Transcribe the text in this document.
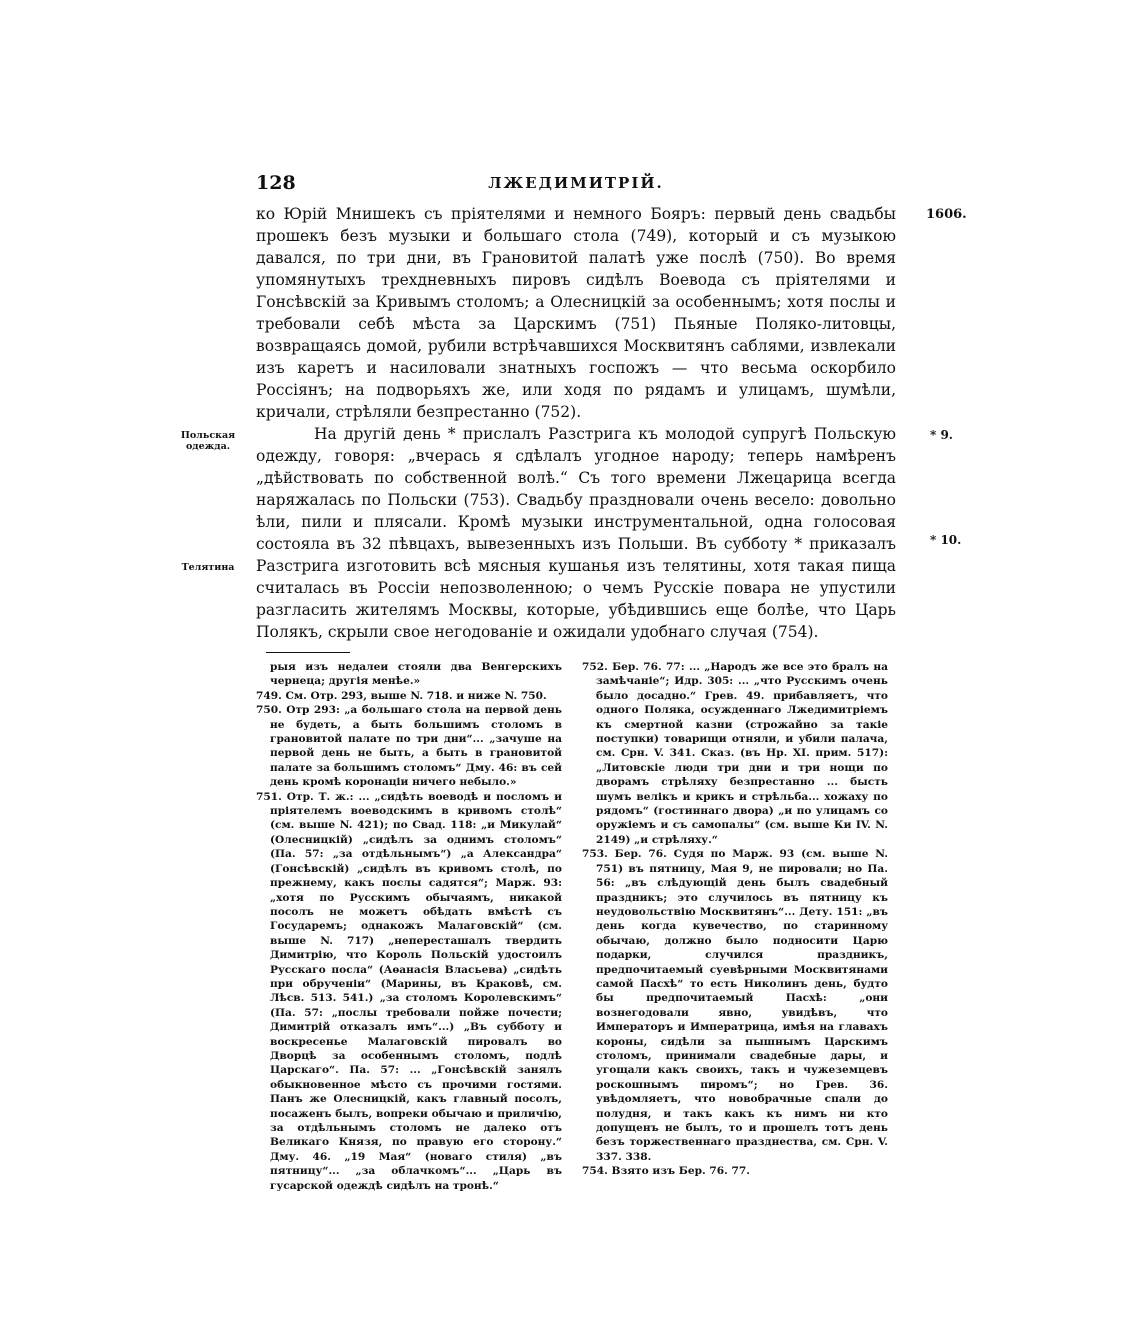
128	ЛЖЕДИМИТРІЙ.
1606.
Польская одежда.
Телятина
* 9.
* 10.

ко Юрій Мнишекъ съ пріятелями и немного Бояръ: первый день свадьбы прошекъ безъ музыки и большаго стола (749), который и съ музыкою давался, по три дни, въ Грановитой палатѣ уже послѣ (750). Во время упомянутыхъ трехдневныхъ пировъ сидѣлъ Воевода съ пріятелями и Гонсѣвскій за Кривымъ столомъ; а Олесницкій за особеннымъ; хотя послы и требовали себѣ мѣста за Царскимъ (751) Пьяные Поляко-литовцы, возвращаясь домой, рубили встрѣчавшихся Москвитянъ саблями, извлекали изъ каретъ и насиловали знатныхъ госпожъ — что весьма оскорбило Россіянъ; на подворьяхъ же, или ходя по рядамъ и улицамъ, шумѣли, кричали, стрѣляли безпрестанно (752).

На другій день * прислалъ Разстрига къ молодой супругѣ Польскую одежду, говоря: „вчерась я сдѣлалъ угодное народу; теперь намѣренъ „дѣйствовать по собственной волѣ.“ Съ того времени Лжецарица всегда наряжалась по Польски (753). Свадьбу праздновали очень весело: довольно ѣли, пили и плясали. Кромѣ музыки инструментальной, одна голосовая состояла въ 32 пѣвцахъ, вывезенныхъ изъ Польши. Въ субботу * приказалъ Разстрига изготовить всѣ мясныя кушанья изъ телятины, хотя такая пища считалась въ Россіи непозволенною; о чемъ Русскіе повара не упустили разгласить жителямъ Москвы, которые, убѣдившись еще болѣе, что Царь Полякъ, скрыли свое негодованіе и ожидали удобнаго случая (754).

рыя изъ недалеи стояли два Венгерскихъ чернеца; другія менѣе.»

749. См. Отр. 293, выше N. 718. и ниже N. 750.

750. Отр 293: „а большаго стола на первой день не будеть, а быть большимъ столомъ в грановитой палате по три дни“... „зачуше на первой день не быть, а быть в грановитой палате за большимъ столомъ“ Дму. 46: въ сей день кромѣ коронаціи ничего небыло.»

751. Отр. Т. ж.: ... „сидѣть воеводѣ и посломъ и пріятелемъ воеводскимъ в кривомъ столѣ“ (см. выше N. 421); по Свад. 118: „и Микулай“ (Олесницкій) „сидѣлъ за однимъ столомъ“ (Па. 57: „за отдѣльнымъ“) „а Александра“ (Гонсѣвскій) „сидѣлъ въ кривомъ столѣ, по прежнему, какъ послы садятся“; Марж. 93: „хотя по Русскимъ обычаямъ, никакой посолъ не можетъ обѣдать вмѣстѣ съ Государемъ; однакожъ Малаговскій“ (см. выше N. 717) „непересташалъ твердить Димитрію, что Король Польскій удостоилъ Русскаго посла“ (Аѳанасія Власьева) „сидѣть при обрученіи“ (Марины, въ Краковѣ, см. Лѣсв. 513. 541.) „за столомъ Королевскимъ“ (Па. 57: „послы требовали пойже почести; Димитрій отказалъ имъ“...) „Въ субботу и воскресенье Малаговскій пировалъ во Дворцѣ за особеннымъ столомъ, подлѣ Царскаго“. Па. 57: ... „Гонсѣвскій занялъ обыкновенное мѣсто съ прочими гостями. Панъ же Олесницкій, какъ главный посолъ, посаженъ былъ, вопреки обычаю и приличію, за отдѣльнымъ столомъ не далеко отъ Великаго Князя, по правую его сторону.“ Дму. 46. „19 Мая“ (новаго стиля) „въ пятницу“... „за облачкомъ“... „Царь въ гусарской одеждѣ сидѣлъ на тронѣ.“

752. Бер. 76. 77: ... „Народъ же все это бралъ на замѣчаніе“; Идр. 305: ... „что Русскимъ очень было досадно.“ Грев. 49. прибавляетъ, что одного Поляка, осужденнаго Лжедимитріемъ къ смертной казни (строжайно за такіе поступки) товарищи отняли, и убили палача, см. Срн. V. 341. Сказ. (въ Нр. XI. прим. 517): „Литовскіе люди три дни и три нощи по дворамъ стрѣляху безпрестанно ... бысть шумъ велікъ и крикъ и стрѣльба... хожаху по рядомъ“ (гостиннаго двора) „и по улицамъ со оружіемъ и съ самопалы“ (см. выше Ки IV. N. 2149) „и стрѣляху.“

753. Бер. 76. Судя по Марж. 93 (см. выше N. 751) въ пятницу, Мая 9, не пировали; но Па. 56: „въ слѣдующій день былъ свадебный праздникъ; это случилось въ пятницу къ неудовольствію Москвитянъ“... Дету. 151: „въ день когда кувечество, по старинному обычаю, должно было подносити Царю подарки, случился праздникъ, предпочитаемый суевѣрными Москвитянами самой Пасхѣ“ то есть Николинъ день, будто бы предпочитаемый Пасхѣ: „они вознегодовали явно, увидѣвъ, что Императоръ и Императрица, имѣя на главахъ короны, сидѣли за пышнымъ Царскимъ столомъ, принимали свадебные дары, и угощали какъ своихъ, такъ и чужеземцевъ роскошнымъ пиромъ“; но Грев. 36. увѣдомляетъ, что новобрачные спали до полудня, и такъ какъ къ нимъ ни кто допущенъ не былъ, то и прошелъ тотъ день безъ торжественнаго празднества, см. Срн. V. 337. 338.

754. Взято изъ Бер. 76. 77.
